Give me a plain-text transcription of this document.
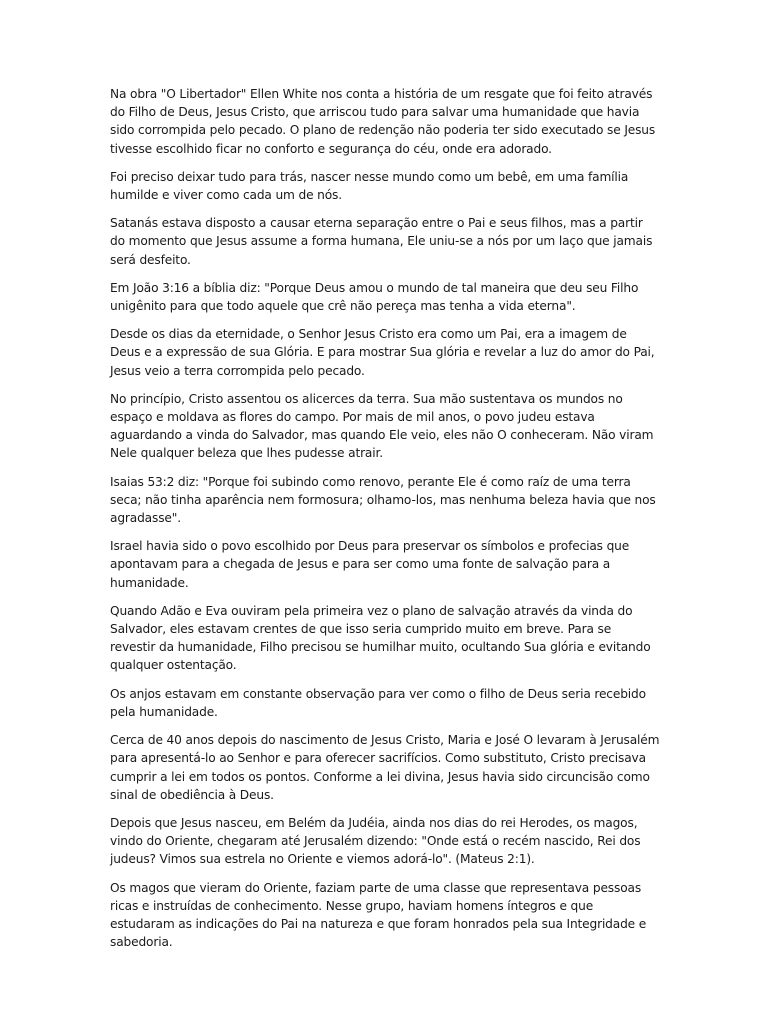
Na obra "O Libertador" Ellen White nos conta a história de um resgate que foi feito através do Filho de Deus, Jesus Cristo, que arriscou tudo para salvar uma humanidade que havia sido corrompida pelo pecado. O plano de redenção não poderia ter sido executado se Jesus tivesse escolhido ficar no conforto e segurança do céu, onde era adorado.

Foi preciso deixar tudo para trás, nascer nesse mundo como um bebê, em uma família humilde e viver como cada um de nós.

Satanás estava disposto a causar eterna separação entre o Pai e seus filhos, mas a partir do momento que Jesus assume a forma humana, Ele uniu-se a nós por um laço que jamais será desfeito.

Em João 3:16 a bíblia diz: "Porque Deus amou o mundo de tal maneira que deu seu Filho unigênito para que todo aquele que crê não pereça mas tenha a vida eterna".

Desde os dias da eternidade, o Senhor Jesus Cristo era como um Pai, era a imagem de Deus e a expressão de sua Glória. E para mostrar Sua glória e revelar a luz do amor do Pai, Jesus veio a terra corrompida pelo pecado.

No princípio, Cristo assentou os alicerces da terra. Sua mão sustentava os mundos no espaço e moldava as flores do campo. Por mais de mil anos, o povo judeu estava aguardando a vinda do Salvador, mas quando Ele veio, eles não O conheceram. Não viram Nele qualquer beleza que lhes pudesse atrair.

Isaias 53:2 diz: "Porque foi subindo como renovo, perante Ele é como raíz de uma terra seca; não tinha aparência nem formosura; olhamo-los, mas nenhuma beleza havia que nos agradasse".

Israel havia sido o povo escolhido por Deus para preservar os símbolos e profecias que apontavam para a chegada de Jesus e para ser como uma fonte de salvação para a humanidade.

Quando Adão e Eva ouviram pela primeira vez o plano de salvação através da vinda do Salvador, eles estavam crentes de que isso seria cumprido muito em breve. Para se revestir da humanidade, Filho precisou se humilhar muito, ocultando Sua glória e evitando qualquer ostentação.

Os anjos estavam em constante observação para ver como o filho de Deus seria recebido pela humanidade.

Cerca de 40 anos depois do nascimento de Jesus Cristo, Maria e José O levaram à Jerusalém para apresentá-lo ao Senhor e para oferecer sacrifícios. Como substituto, Cristo precisava cumprir a lei em todos os pontos. Conforme a lei divina, Jesus havia sido circuncisão como sinal de obediência à Deus.

Depois que Jesus nasceu, em Belém da Judéia, ainda nos dias do rei Herodes, os magos, vindo do Oriente, chegaram até Jerusalém dizendo: "Onde está o recém nascido, Rei dos judeus? Vimos sua estrela no Oriente e viemos adorá-lo". (Mateus 2:1).

Os magos que vieram do Oriente, faziam parte de uma classe que representava pessoas ricas e instruídas de conhecimento. Nesse grupo, haviam homens íntegros e que estudaram as indicações do Pai na natureza e que foram honrados pela sua Integridade e sabedoria.
